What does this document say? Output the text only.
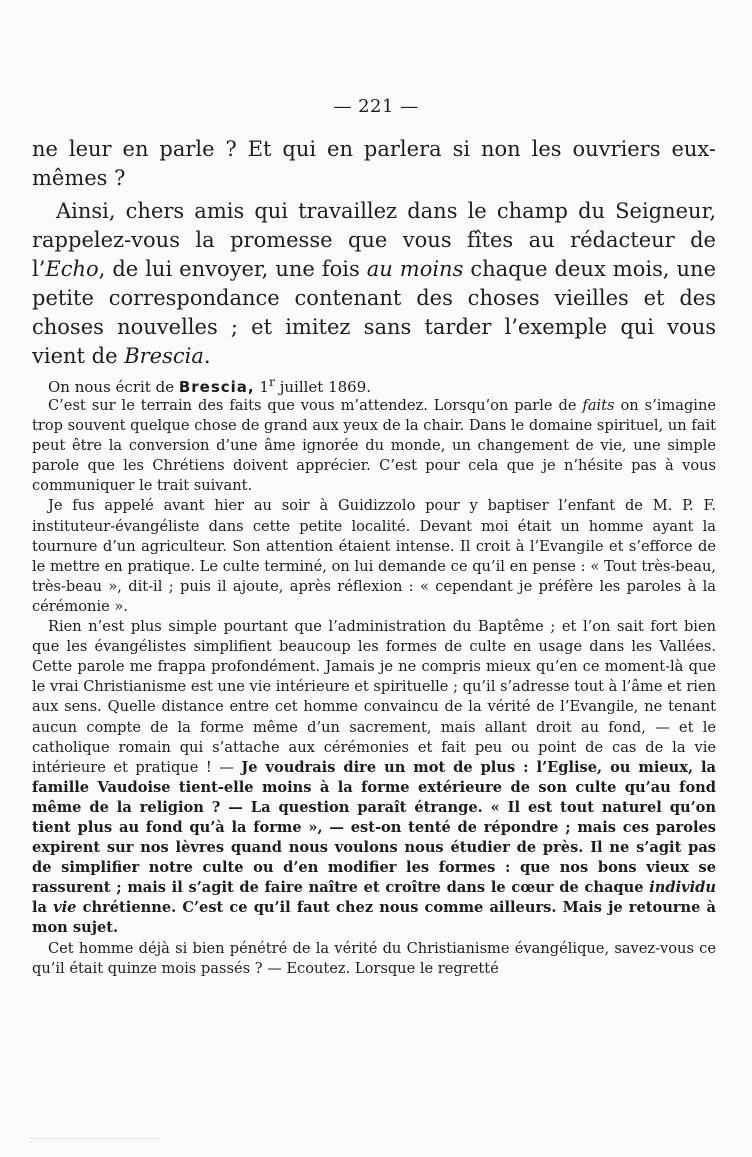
— 221 —

ne leur en parle ? Et qui en parlera si non les ouvriers eux-mêmes ?

Ainsi, chers amis qui travaillez dans le champ du Seigneur, rappelez-vous la promesse que vous fîtes au rédacteur de l’Echo, de lui envoyer, une fois au moins chaque deux mois, une petite correspondance contenant des choses vieilles et des choses nouvelles ; et imitez sans tarder l’exemple qui vous vient de Brescia.

On nous écrit de Brescia, 1$^r$ juillet 1869.

C’est sur le terrain des faits que vous m’attendez. Lorsqu’on parle de faits on s’imagine trop souvent quelque chose de grand aux yeux de la chair. Dans le domaine spirituel, un fait peut être la conversion d’une âme ignorée du monde, un changement de vie, une simple parole que les Chrétiens doivent apprécier. C’est pour cela que je n’hésite pas à vous communiquer le trait suivant.

Je fus appelé avant hier au soir à Guidizzolo pour y baptiser l’enfant de M. P. F. instituteur-évangéliste dans cette petite localité. Devant moi était un homme ayant la tournure d’un agriculteur. Son attention étaient intense. Il croit à l’Evangile et s’efforce de le mettre en pratique. Le culte terminé, on lui demande ce qu’il en pense : « Tout très-beau, très-beau », dit-il ; puis il ajoute, après réflexion : « cependant je préfère les paroles à la cérémonie ».

Rien n’est plus simple pourtant que l’administration du Baptême ; et l’on sait fort bien que les évangélistes simplifient beaucoup les formes de culte en usage dans les Vallées. Cette parole me frappa profondément. Jamais je ne compris mieux qu’en ce moment-là que le vrai Christianisme est une vie intérieure et spirituelle ; qu’il s’adresse tout à l’âme et rien aux sens. Quelle distance entre cet homme convaincu de la vérité de l’Evangile, ne tenant aucun compte de la forme même d’un sacrement, mais allant droit au fond, — et le catholique romain qui s’attache aux cérémonies et fait peu ou point de cas de la vie intérieure et pratique ! — Je voudrais dire un mot de plus : l’Eglise, ou mieux, la famille Vaudoise tient-elle moins à la forme extérieure de son culte qu’au fond même de la religion ? — La question paraît étrange. « Il est tout naturel qu’on tient plus au fond qu’à la forme », — est-on tenté de répondre ; mais ces paroles expirent sur nos lèvres quand nous voulons nous étudier de près. Il ne s’agit pas de simplifier notre culte ou d’en modifier les formes : que nos bons vieux se rassurent ; mais il s’agit de faire naître et croître dans le cœur de chaque individu la vie chrétienne. C’est ce qu’il faut chez nous comme ailleurs. Mais je retourne à mon sujet.

Cet homme déjà si bien pénétré de la vérité du Christianisme évangélique, savez-vous ce qu’il était quinze mois passés ? — Ecoutez. Lorsque le regretté
